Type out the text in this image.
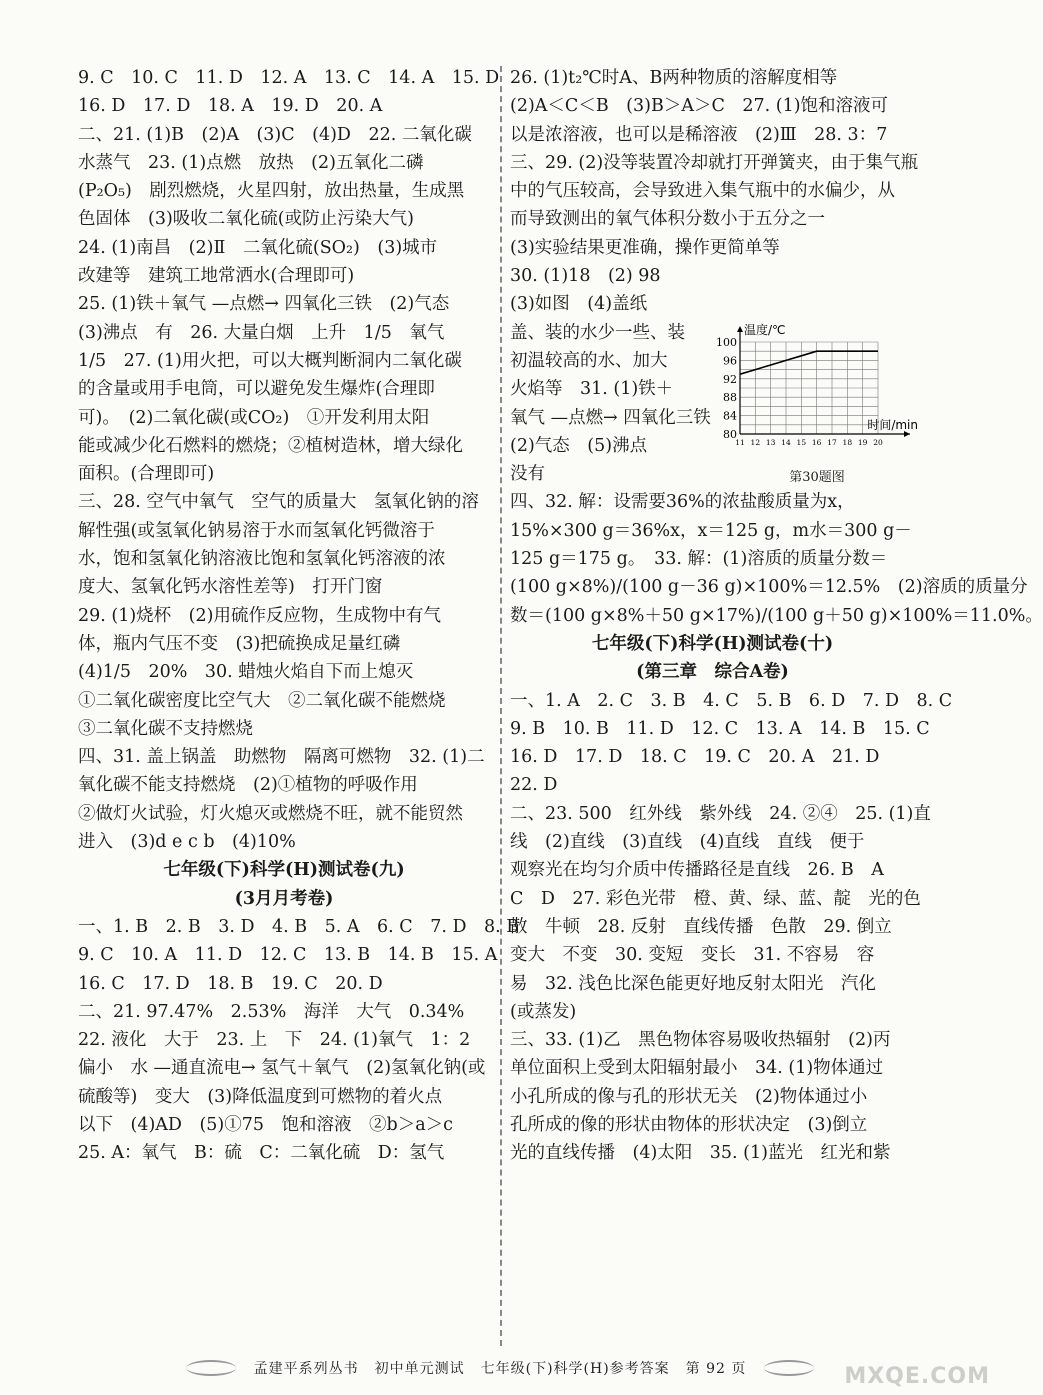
9. C　10. C　11. D　12. A　13. C　14. A　15. D
16. D　17. D　18. A　19. D　20. A
二、21. (1)B　(2)A　(3)C　(4)D　22. 二氧化碳
水蒸气　23. (1)点燃　放热　(2)五氧化二磷
(P₂O₅)　剧烈燃烧，火星四射，放出热量，生成黑
色固体　(3)吸收二氧化硫(或防止污染大气)
24. (1)南昌　(2)Ⅱ　二氧化硫(SO₂)　(3)城市
改建等　建筑工地常洒水(合理即可)
25. (1)铁＋氧气 —点燃→ 四氧化三铁　(2)气态
(3)沸点　有　26. 大量白烟　上升　1/5　氧气
1/5　27. (1)用火把，可以大概判断洞内二氧化碳
的含量或用手电筒，可以避免发生爆炸(合理即
可)。　(2)二氧化碳(或CO₂)　①开发利用太阳
能或减少化石燃料的燃烧；②植树造林，增大绿化
面积。(合理即可)
三、28. 空气中氧气　空气的质量大　氢氧化钠的溶
解性强(或氢氧化钠易溶于水而氢氧化钙微溶于
水，饱和氢氧化钠溶液比饱和氢氧化钙溶液的浓
度大、氢氧化钙水溶性差等)　打开门窗
29. (1)烧杯　(2)用硫作反应物，生成物中有气
体，瓶内气压不变　(3)把硫换成足量红磷
(4)1/5　20%　30. 蜡烛火焰自下而上熄灭
①二氧化碳密度比空气大　②二氧化碳不能燃烧
③二氧化碳不支持燃烧
四、31. 盖上锅盖　助燃物　隔离可燃物　32. (1)二
氧化碳不能支持燃烧　(2)①植物的呼吸作用
②做灯火试验，灯火熄灭或燃烧不旺，就不能贸然
进入　(3)d e c b　(4)10%
七年级(下)科学(H)测试卷(九)
(3月月考卷)
一、1. B　2. B　3. D　4. B　5. A　6. C　7. D　8. B
9. C　10. A　11. D　12. C　13. B　14. B　15. A
16. C　17. D　18. B　19. C　20. D
二、21. 97.47%　2.53%　海洋　大气　0.34%
22. 液化　大于　23. 上　下　24. (1)氧气　1：2
偏小　水 —通直流电→ 氢气＋氧气　(2)氢氧化钠(或
硫酸等)　变大　(3)降低温度到可燃物的着火点
以下　(4)AD　(5)①75　饱和溶液　②b＞a＞c
25. A：氧气　B：硫　C：二氧化硫　D：氢气
26. (1)t₂℃时A、B两种物质的溶解度相等
(2)A＜C＜B　(3)B＞A＞C　27. (1)饱和溶液可
以是浓溶液，也可以是稀溶液　(2)Ⅲ　28. 3：7
三、29. (2)没等装置冷却就打开弹簧夹，由于集气瓶
中的气压较高，会导致进入集气瓶中的水偏少，从
而导致测出的氧气体积分数小于五分之一
(3)实验结果更准确，操作更简单等
30. (1)18　(2) 98
(3)如图　(4)盖纸
盖、装的水少一些、装
初温较高的水、加大
火焰等　31. (1)铁＋
氧气 —点燃→ 四氧化三铁
(2)气态　(5)沸点
没有
四、32. 解：设需要36%的浓盐酸质量为x，
15%×300 g＝36%x，x＝125 g，m水＝300 g－
125 g＝175 g。　33. 解：(1)溶质的质量分数＝
(100 g×8%)/(100 g－36 g)×100%＝12.5%　(2)溶质的质量分
数＝(100 g×8%＋50 g×17%)/(100 g＋50 g)×100%＝11.0%。
七年级(下)科学(H)测试卷(十)
(第三章　综合A卷)
一、1. A　2. C　3. B　4. C　5. B　6. D　7. D　8. C
9. B　10. B　11. D　12. C　13. A　14. B　15. C
16. D　17. D　18. C　19. C　20. A　21. D
22. D
二、23. 500　红外线　紫外线　24. ②④　25. (1)直
线　(2)直线　(3)直线　(4)直线　直线　便于
观察光在均匀介质中传播路径是直线　26. B　A
C　D　27. 彩色光带　橙、黄、绿、蓝、靛　光的色
散　牛顿　28. 反射　直线传播　色散　29. 倒立
变大　不变　30. 变短　变长　31. 不容易　容
易　32. 浅色比深色能更好地反射太阳光　汽化
(或蒸发)
三、33. (1)乙　黑色物体容易吸收热辐射　(2)丙
单位面积上受到太阳辐射最小　34. (1)物体通过
小孔所成的像与孔的形状无关　(2)物体通过小
孔所成的像的形状由物体的形状决定　(3)倒立
光的直线传播　(4)太阳　35. (1)蓝光　红光和紫
80
84
88
92
96
100
11 12 13 14 15 16 17 18 19 20
温度/℃
时间/min
第30题图
孟建平系列丛书 初中单元测试 七年级(下)科学(H)参考答案 第 92 页	MXQE.COM
